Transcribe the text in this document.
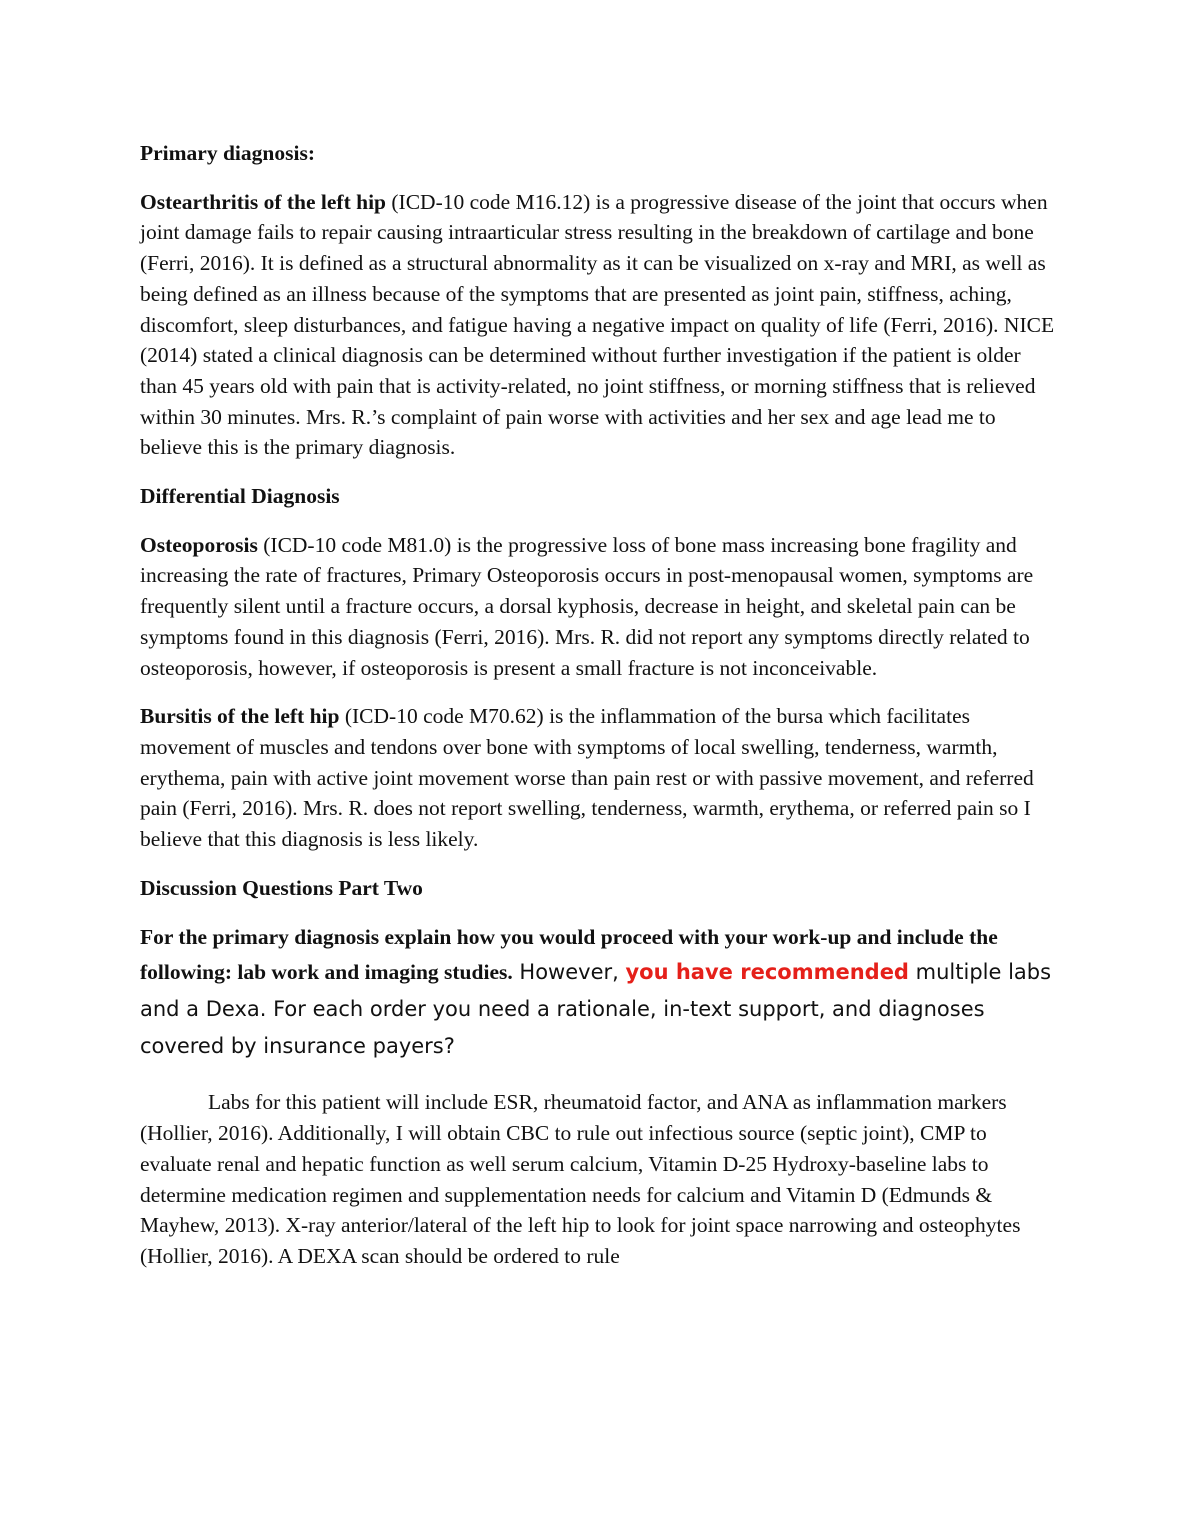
Primary diagnosis:

Ostearthritis of the left hip (ICD-10 code M16.12) is a progressive disease of the joint that occurs when joint damage fails to repair causing intraarticular stress resulting in the breakdown of cartilage and bone (Ferri, 2016). It is defined as a structural abnormality as it can be visualized on x-ray and MRI, as well as being defined as an illness because of the symptoms that are presented as joint pain, stiffness, aching, discomfort, sleep disturbances, and fatigue having a negative impact on quality of life (Ferri, 2016). NICE (2014) stated a clinical diagnosis can be determined without further investigation if the patient is older than 45 years old with pain that is activity-related, no joint stiffness, or morning stiffness that is relieved within 30 minutes. Mrs. R.’s complaint of pain worse with activities and her sex and age lead me to believe this is the primary diagnosis.

Differential Diagnosis

Osteoporosis (ICD-10 code M81.0) is the progressive loss of bone mass increasing bone fragility and increasing the rate of fractures, Primary Osteoporosis occurs in post-menopausal women, symptoms are frequently silent until a fracture occurs, a dorsal kyphosis, decrease in height, and skeletal pain can be symptoms found in this diagnosis (Ferri, 2016). Mrs. R. did not report any symptoms directly related to osteoporosis, however, if osteoporosis is present a small fracture is not inconceivable.

Bursitis of the left hip (ICD-10 code M70.62) is the inflammation of the bursa which facilitates movement of muscles and tendons over bone with symptoms of local swelling, tenderness, warmth, erythema, pain with active joint movement worse than pain rest or with passive movement, and referred pain (Ferri, 2016). Mrs. R. does not report swelling, tenderness, warmth, erythema, or referred pain so I believe that this diagnosis is less likely.

Discussion Questions Part Two
For the primary diagnosis explain how you would proceed with your work-up and include the following: lab work and imaging studies. However, you have recommended multiple labs and a Dexa. For each order you need a rationale, in-text support, and diagnoses covered by insurance payers?

Labs for this patient will include ESR, rheumatoid factor, and ANA as inflammation markers (Hollier, 2016). Additionally, I will obtain CBC to rule out infectious source (septic joint), CMP to evaluate renal and hepatic function as well serum calcium, Vitamin D-25 Hydroxy-baseline labs to determine medication regimen and supplementation needs for calcium and Vitamin D (Edmunds & Mayhew, 2013). X-ray anterior/lateral of the left hip to look for joint space narrowing and osteophytes (Hollier, 2016). A DEXA scan should be ordered to rule
